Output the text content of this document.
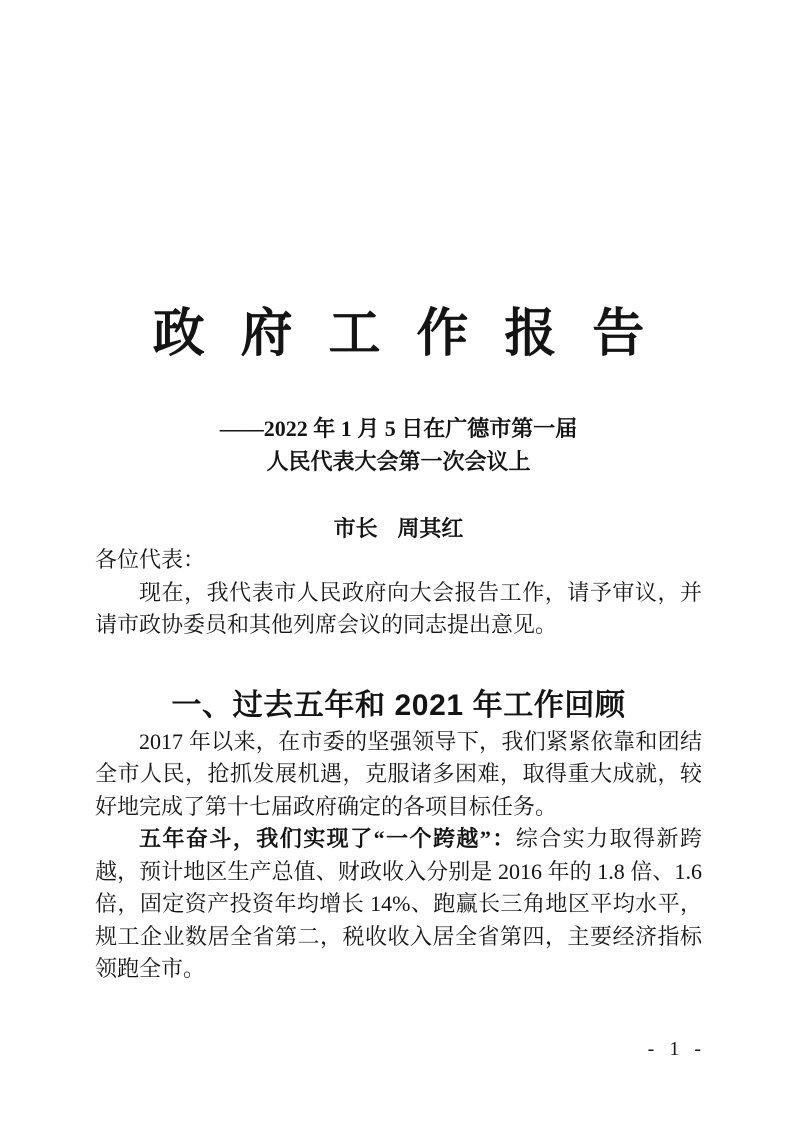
政 府 工 作 报 告
——2022 年 1 月 5 日在广德市第一届
人民代表大会第一次会议上
市长 周其红

各位代表：

现在，我代表市人民政府向大会报告工作，请予审议，并请市政协委员和其他列席会议的同志提出意见。

一、过去五年和 2021 年工作回顾

2017 年以来，在市委的坚强领导下，我们紧紧依靠和团结全市人民，抢抓发展机遇，克服诸多困难，取得重大成就，较好地完成了第十七届政府确定的各项目标任务。

五年奋斗，我们实现了“一个跨越”：综合实力取得新跨越，预计地区生产总值、财政收入分别是 2016 年的 1.8 倍、1.6 倍，固定资产投资年均增长 14%、跑赢长三角地区平均水平，规工企业数居全省第二，税收收入居全省第四，主要经济指标领跑全市。

- 1 -
